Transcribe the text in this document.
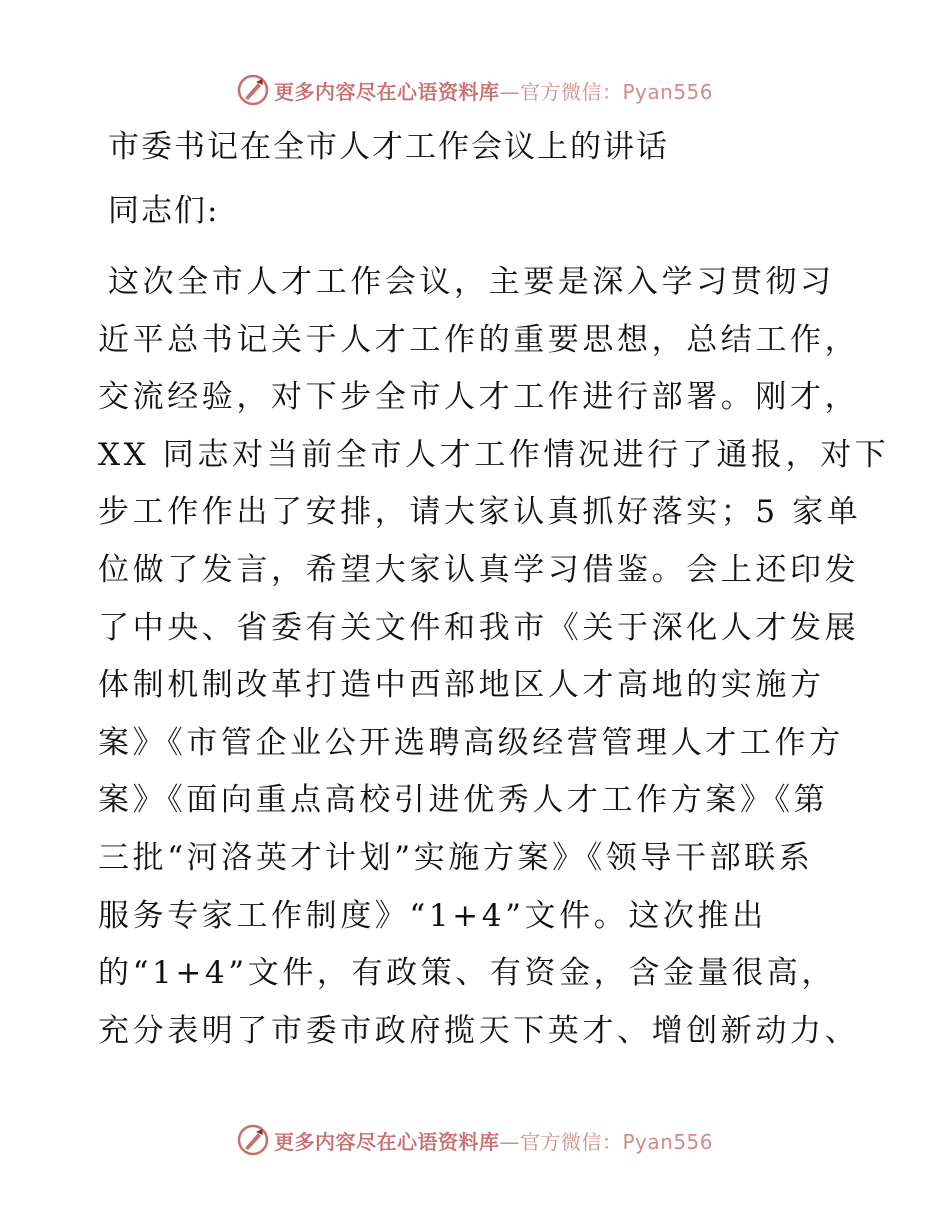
更多内容尽在心语资料库—官方微信：Pyan556
市委书记在全市人才工作会议上的讲话

同志们:

这次全市人才工作会议，主要是深入学习贯彻习

近平总书记关于人才工作的重要思想，总结工作，

交流经验，对下步全市人才工作进行部署。刚才，

XX 同志对当前全市人才工作情况进行了通报，对下

步工作作出了安排，请大家认真抓好落实；5 家单

位做了发言，希望大家认真学习借鉴。会上还印发

了中央、省委有关文件和我市《关于深化人才发展

体制机制改革打造中西部地区人才高地的实施方

案》《市管企业公开选聘高级经营管理人才工作方

案》《面向重点高校引进优秀人才工作方案》《第

三批“河洛英才计划”实施方案》《领导干部联系

服务专家工作制度》“1+4”文件。这次推出

的“1+4”文件，有政策、有资金，含金量很高，

充分表明了市委市政府揽天下英才、增创新动力、

更多内容尽在心语资料库—官方微信：Pyan556
